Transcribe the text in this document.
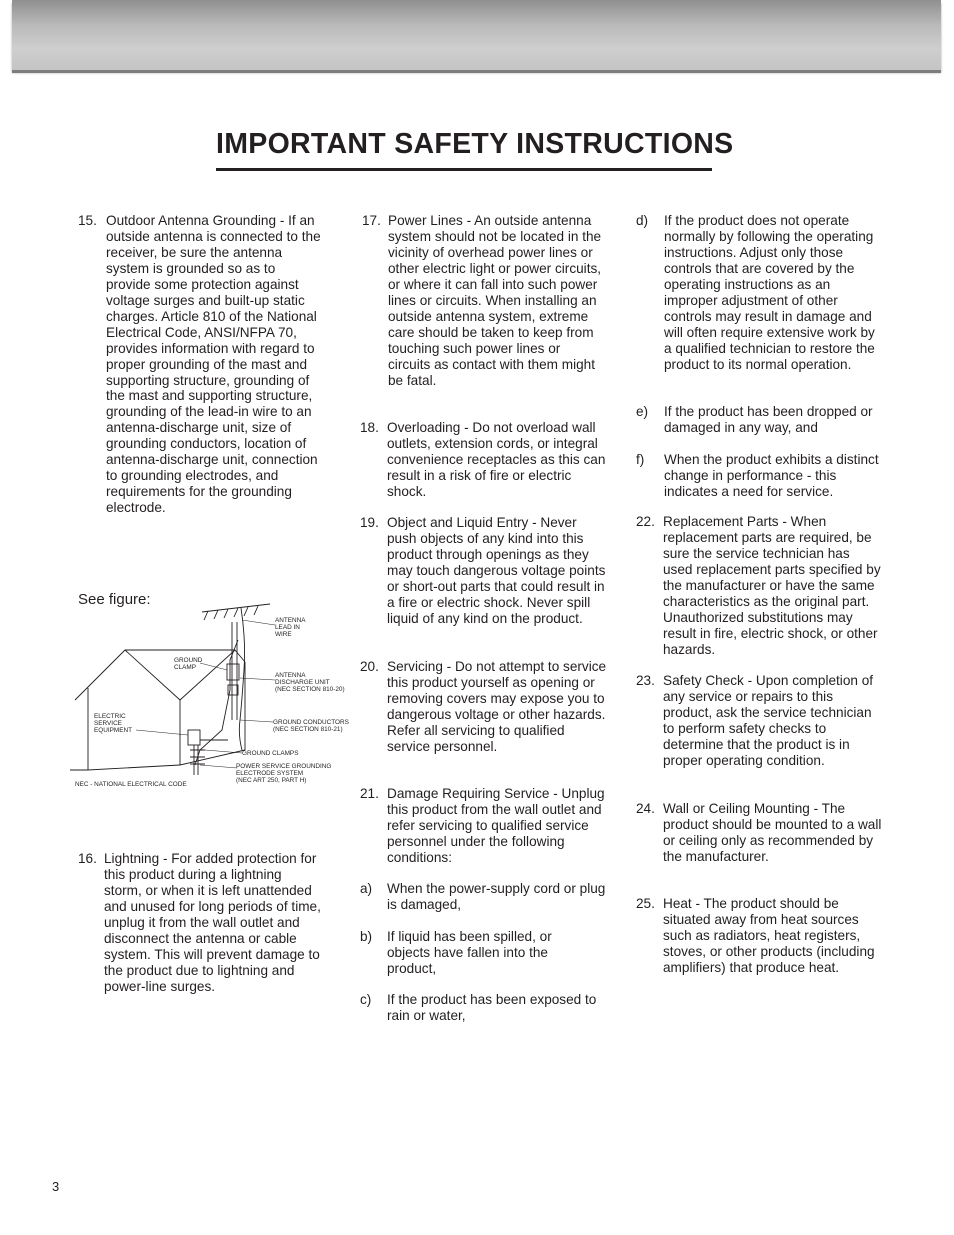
IMPORTANT SAFETY INSTRUCTIONS
15. Outdoor Antenna Grounding - If an outside antenna is connected to the receiver, be sure the antenna system is grounded so as to provide some protection against voltage surges and built-up static charges. Article 810 of the National Electrical Code, ANSI/NFPA 70, provides information with regard to proper grounding of the mast and supporting structure, grounding of the mast and supporting structure, grounding of the lead-in wire to an antenna-discharge unit, size of grounding conductors, location of antenna-discharge unit, connection to grounding electrodes, and requirements for the grounding electrode.
See figure:
ANTENNA
LEAD IN
WIRE
GROUND
CLAMP
ANTENNA
DISCHARGE UNIT
(NEC SECTION 810-20)
ELECTRIC
SERVICE
EQUIPMENT
GROUND CONDUCTORS
(NEC SECTION 810-21)
GROUND CLAMPS
POWER SERVICE GROUNDING
ELECTRODE SYSTEM
(NEC ART 250, PART H)
NEC - NATIONAL ELECTRICAL CODE
16. Lightning - For added protection for this product during a lightning storm, or when it is left unattended and unused for long periods of time, unplug it from the wall outlet and disconnect the antenna or cable system. This will prevent damage to the product due to lightning and power-line surges.
17. Power Lines - An outside antenna system should not be located in the vicinity of overhead power lines or other electric light or power circuits, or where it can fall into such power lines or circuits. When installing an outside antenna system, extreme care should be taken to keep from touching such power lines or circuits as contact with them might be fatal.
18. Overloading - Do not overload wall outlets, extension cords, or integral convenience receptacles as this can result in a risk of fire or electric shock.
19. Object and Liquid Entry - Never push objects of any kind into this product through openings as they may touch dangerous voltage points or short-out parts that could result in a fire or electric shock. Never spill liquid of any kind on the product.
20. Servicing - Do not attempt to service this product yourself as opening or removing covers may expose you to dangerous voltage or other hazards. Refer all servicing to qualified service personnel.
21. Damage Requiring Service - Unplug this product from the wall outlet and refer servicing to qualified service personnel under the following conditions:
a) When the power-supply cord or plug is damaged,
b) If liquid has been spilled, or objects have fallen into the product,
c) If the product has been exposed to rain or water,
d) If the product does not operate normally by following the operating instructions. Adjust only those controls that are covered by the operating instructions as an improper adjustment of other controls may result in damage and will often require extensive work by a qualified technician to restore the product to its normal operation.
e) If the product has been dropped or damaged in any way, and
f) When the product exhibits a distinct change in performance - this indicates a need for service.
22. Replacement Parts - When replacement parts are required, be sure the service technician has used replacement parts specified by the manufacturer or have the same characteristics as the original part. Unauthorized substitutions may result in fire, electric shock, or other hazards.
23. Safety Check - Upon completion of any service or repairs to this product, ask the service technician to perform safety checks to determine that the product is in proper operating condition.
24. Wall or Ceiling Mounting - The product should be mounted to a wall or ceiling only as recommended by the manufacturer.
25. Heat - The product should be situated away from heat sources such as radiators, heat registers, stoves, or other products (including amplifiers) that produce heat.
3
